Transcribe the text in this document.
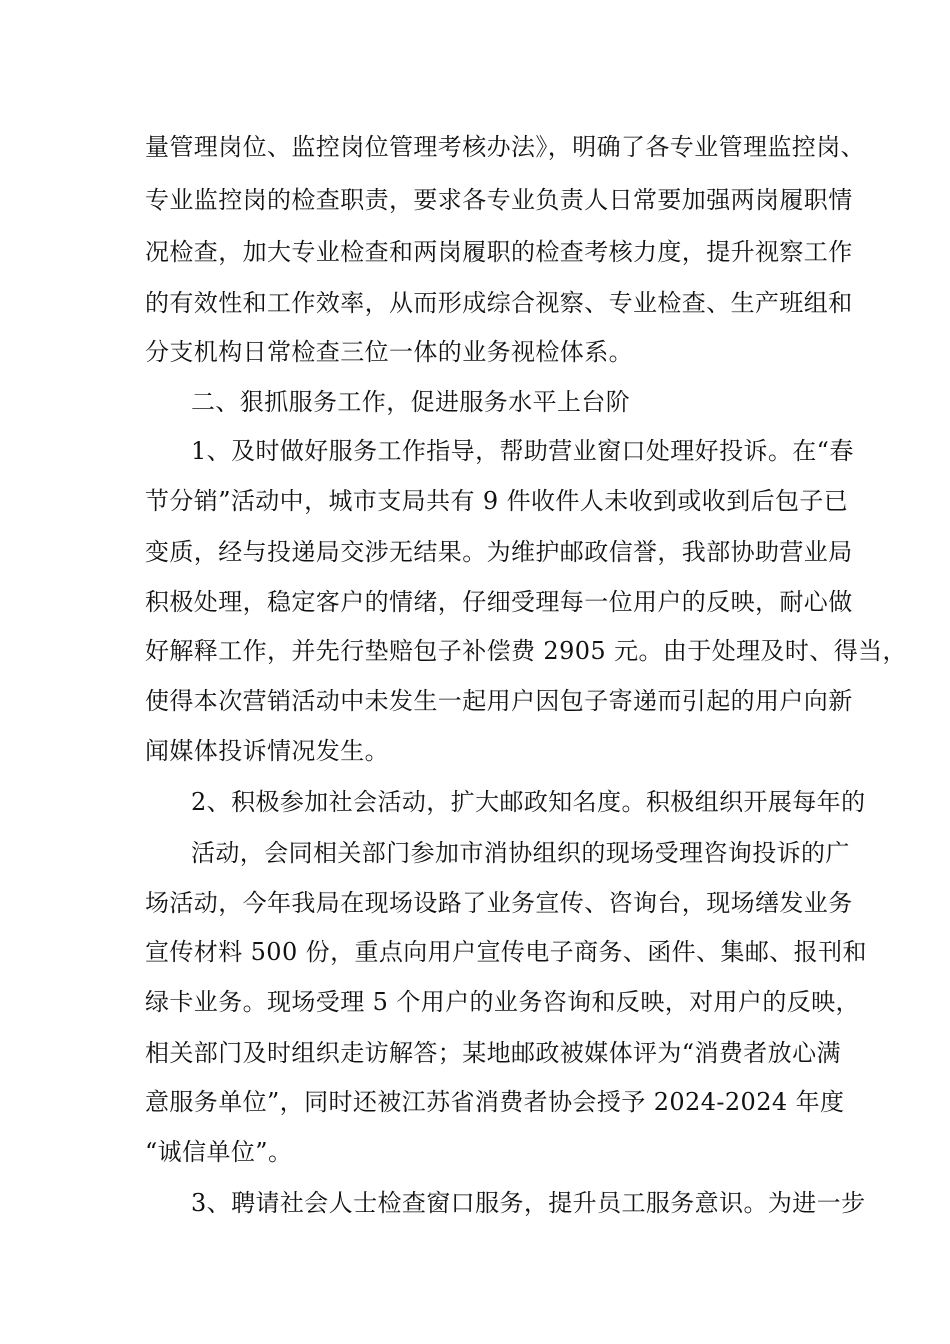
量管理岗位、监控岗位管理考核办法》，明确了各专业管理监控岗、
专业监控岗的检查职责，要求各专业负责人日常要加强两岗履职情
况检查，加大专业检查和两岗履职的检查考核力度，提升视察工作
的有效性和工作效率，从而形成综合视察、专业检查、生产班组和
分支机构日常检查三位一体的业务视检体系。
二、狠抓服务工作，促进服务水平上台阶
1、及时做好服务工作指导，帮助营业窗口处理好投诉。在“春
节分销”活动中，城市支局共有 9 件收件人未收到或收到后包子已
变质，经与投递局交涉无结果。为维护邮政信誉，我部协助营业局
积极处理，稳定客户的情绪，仔细受理每一位用户的反映，耐心做
好解释工作，并先行垫赔包子补偿费 2905 元。由于处理及时、得当，
使得本次营销活动中未发生一起用户因包子寄递而引起的用户向新
闻媒体投诉情况发生。
2、积极参加社会活动，扩大邮政知名度。积极组织开展每年的
活动，会同相关部门参加市消协组织的现场受理咨询投诉的广
场活动，今年我局在现场设路了业务宣传、咨询台，现场缮发业务
宣传材料 500 份，重点向用户宣传电子商务、函件、集邮、报刊和
绿卡业务。现场受理 5 个用户的业务咨询和反映，对用户的反映，
相关部门及时组织走访解答；某地邮政被媒体评为“消费者放心满
意服务单位”，同时还被江苏省消费者协会授予 2024-2024 年度
“诚信单位”。
3、聘请社会人士检查窗口服务，提升员工服务意识。为进一步
